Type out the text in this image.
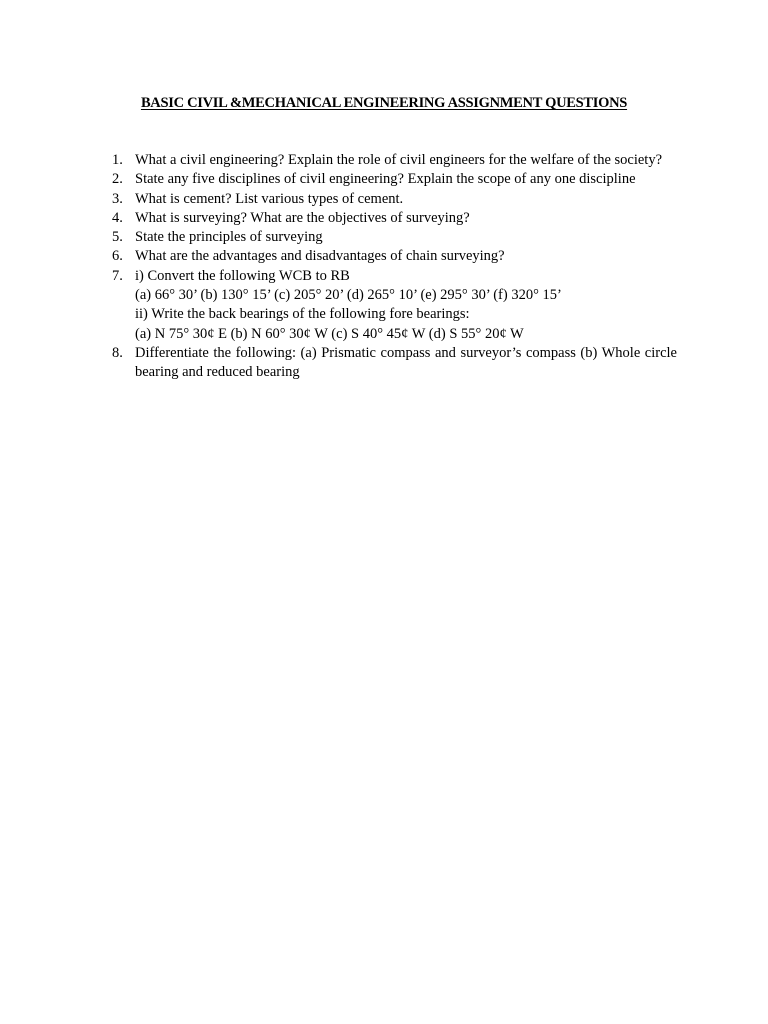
BASIC CIVIL &MECHANICAL ENGINEERING ASSIGNMENT QUESTIONS
1. What a civil engineering? Explain the role of civil engineers for the welfare of the society?
2. State any five disciplines of civil engineering? Explain the scope of any one discipline
3. What is cement? List various types of cement.
4. What is surveying? What are the objectives of surveying?
5. State the principles of surveying
6. What are the advantages and disadvantages of chain surveying?
7. i) Convert the following WCB to RB
(a) 66° 30’ (b) 130° 15’ (c) 205° 20’ (d) 265° 10’ (e) 295° 30’ (f) 320° 15’
ii) Write the back bearings of the following fore bearings:
(a) N 75° 30¢ E (b) N 60° 30¢ W (c) S 40° 45¢ W (d) S 55° 20¢ W
8. Differentiate the following: (a) Prismatic compass and surveyor’s compass (b) Whole circle bearing and reduced bearing
